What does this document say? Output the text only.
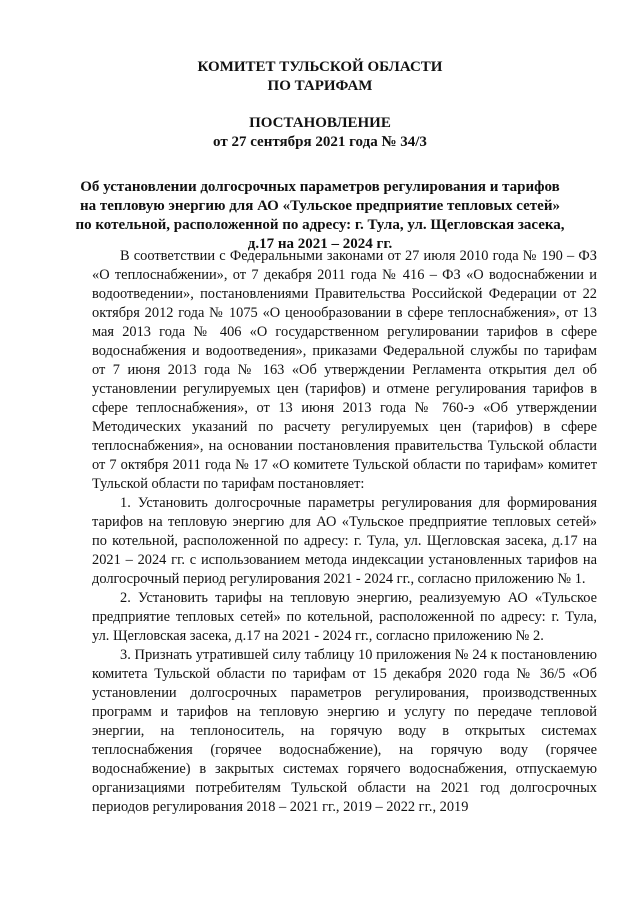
КОМИТЕТ ТУЛЬСКОЙ ОБЛАСТИ
ПО ТАРИФАМ
ПОСТАНОВЛЕНИЕ
от 27 сентября 2021 года № 34/3
Об установлении долгосрочных параметров регулирования и тарифов
на тепловую энергию для АО «Тульское предприятие тепловых сетей»
по котельной, расположенной по адресу: г. Тула, ул. Щегловская засека,
д.17 на 2021 – 2024 гг.

В соответствии с Федеральными законами от 27 июля 2010 года № 190 – ФЗ «О теплоснабжении», от 7 декабря 2011 года № 416 – ФЗ «О водоснабжении и водоотведении», постановлениями Правительства Российской Федерации от 22 октября 2012 года № 1075 «О ценообразовании в сфере теплоснабжения», от 13 мая 2013 года № 406 «О государственном регулировании тарифов в сфере водоснабжения и водоотведения», приказами Федеральной службы по тарифам от 7 июня 2013 года № 163 «Об утверждении Регламента открытия дел об установлении регулируемых цен (тарифов) и отмене регулирования тарифов в сфере теплоснабжения», от 13 июня 2013 года № 760-э «Об утверждении Методических указаний по расчету регулируемых цен (тарифов) в сфере теплоснабжения», на основании постановления правительства Тульской области от 7 октября 2011 года № 17 «О комитете Тульской области по тарифам» комитет Тульской области по тарифам постановляет:

1. Установить долгосрочные параметры регулирования для формирования тарифов на тепловую энергию для АО «Тульское предприятие тепловых сетей» по котельной, расположенной по адресу: г. Тула, ул. Щегловская засека, д.17 на 2021 – 2024 гг. с использованием метода индексации установленных тарифов на долгосрочный период регулирования 2021 - 2024 гг., согласно приложению № 1.

2. Установить тарифы на тепловую энергию, реализуемую АО «Тульское предприятие тепловых сетей» по котельной, расположенной по адресу: г. Тула, ул. Щегловская засека, д.17 на 2021 - 2024 гг., согласно приложению № 2.

3. Признать утратившей силу таблицу 10 приложения № 24 к постановлению комитета Тульской области по тарифам от 15 декабря 2020 года № 36/5 «Об установлении долгосрочных параметров регулирования, производственных программ и тарифов на тепловую энергию и услугу по передаче тепловой энергии, на теплоноситель, на горячую воду в открытых системах теплоснабжения (горячее водоснабжение), на горячую воду (горячее водоснабжение) в закрытых системах горячего водоснабжения, отпускаемую организациями потребителям Тульской области на 2021 год долгосрочных периодов регулирования 2018 – 2021 гг., 2019 – 2022 гг., 2019
